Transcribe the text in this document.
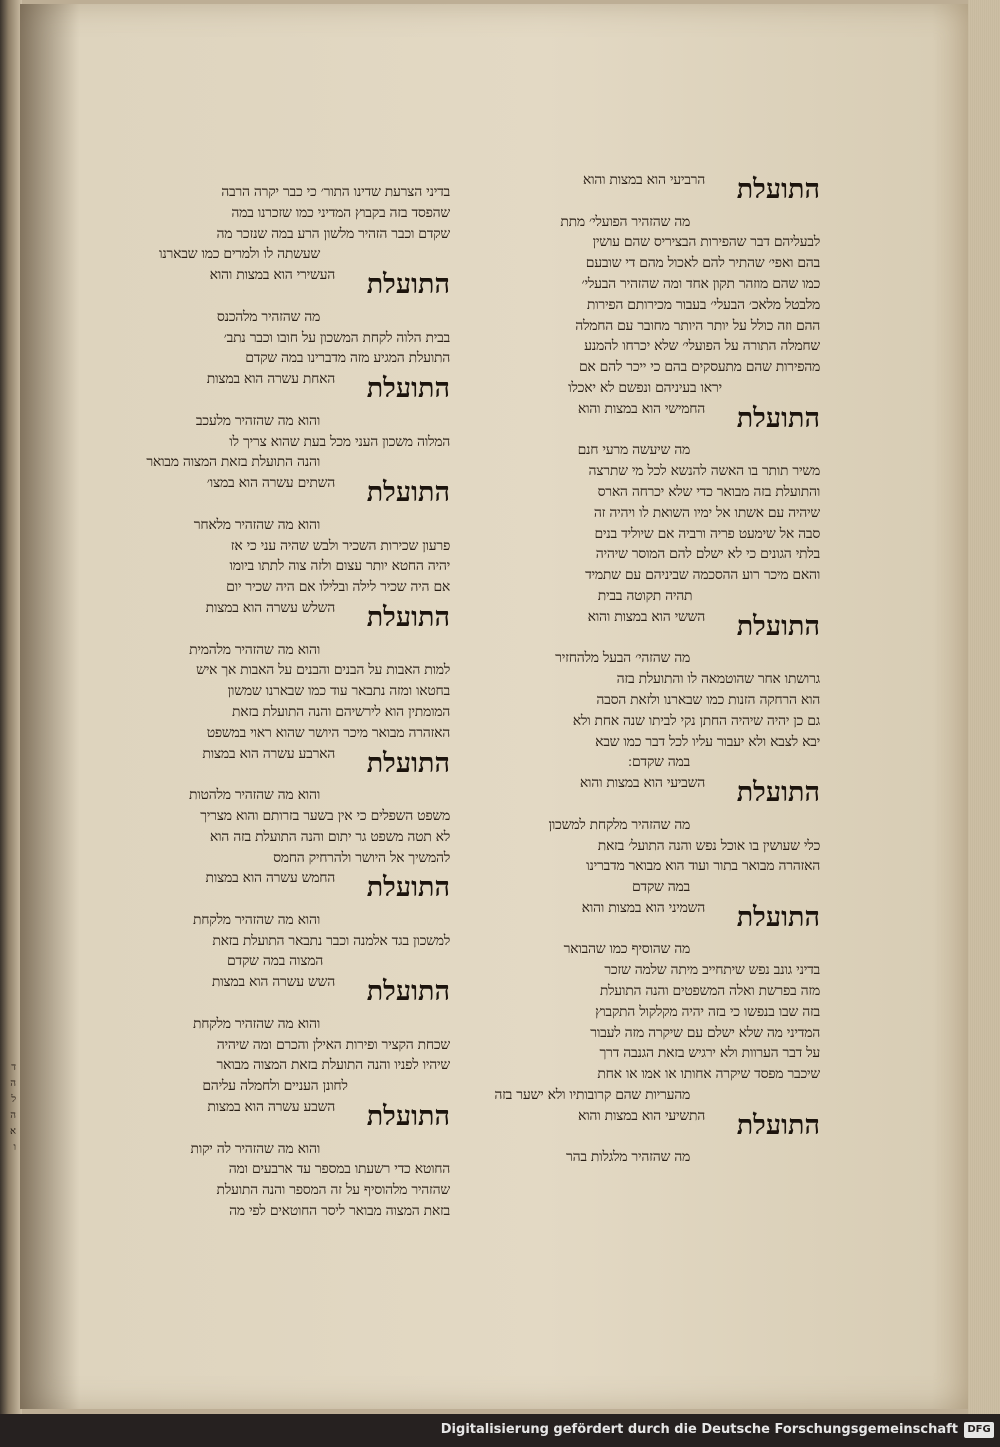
ד
ה
ל
ה
א
ו
התועלת
הרביעי הוא במצות והוא
מה שהזהיר הפועלי׳ מתת
לבעליהם דבר שהפירות הבציריס שהם עושין
בהם ואפי׳ שהתיר להם לאכול מהם די שובעם
כמו שהם מוזהר תקון אחד ומה שהזהיר הבעלי׳
מלבטל מלאכ׳ הבעלי׳ בעבור מכירותם הפירות
ההם וזה כולל על יותר היותר מחובר עם החמלה
שחמלה התורה על הפועלי׳ שלא יכרחו להמנע
מהפירות שהם מתעסקים בהם כי ייכר להם אם
יראו בעיניהם ונפשם לא יאכלו
התועלת
החמישי הוא במצות והוא
מה שיעשה מרעי חנם
משיר תותר בו האשה להנשא לכל מי שתרצה
והתועלת בזה מבואר כדי שלא יכרחה הארס
שיהיה עם אשתו אל ימיו השואת לו ויהיה זה
סבה אל שימעט פריה ורביה אם שיוליד בנים
בלתי הגונים כי לא ישלם להם המוסר שיהיה
והאם מיכר רוע ההסכמה שביניהם עם שתמיד
תהיה תקוטה בבית
התועלת
הששי הוא במצות והוא
מה שהזהי׳ הבעל מלהחזיר
גרושתו אחר שהוטמאה לו והתועלת בזה
הוא הרחקה הזנות כמו שבארנו ולזאת הסבה
גם כן יהיה שיהיה החתן נקי לביתו שנה אחת ולא
יבא לצבא ולא יעבור עליו לכל דבר כמו שבא
במה שקדם ׃
התועלת
השביעי הוא במצות והוא
מה שהזהיר מלקחת למשכון
כלי שעושין בו אוכל נפש והנה התועל׳ בזאת
האזהרה מבואר בתור ועוד הוא מבואר מדברינו
במה שקדם
התועלת
השמיני הוא במצות והוא
מה שהוסיף כמו שהבואר
בדיני גונב נפש שיתחייב מיתה שלמה שזכר
מזה בפרשת ואלה המשפטים והנה התועלת
בזה שבו בנפשו כי בזה יהיה מקלקול התקבוץ
המדיני מה שלא ישלם עם שיקרה מזה לעבור
על דבר הערוות ולא ירגיש בזאת הגנבה דרך
שיכבר מפסד שיקרה אחותו או אמו או אחת
מהעריות שהם קרובותיו ולא ישער בזה
התועלת
התשיעי הוא במצות והוא
מה שהזהיר מלגלות בהר
בדיני הצרעת שדינו התור׳ כי כבר יקרה הרבה
שהפסד בזה בקבוץ המדיני כמו שזכרנו במה
שקדם וכבר הזהיר מלשון הרע במה שנזכר מה
שעשתה לו ולמרים כמו שבארנו
התועלת
העשירי הוא במצות והוא
מה שהזהיר מלהכנס
בבית הלוה לקחת המשכון על חובו וכבר נתב׳
התועלת המגיע מזה מדברינו במה שקדם
התועלת
האחת עשרה הוא במצות
והוא מה שהזהיר מלעכב
המלוה משכון העני מכל בעת שהוא צריך לו
והנה התועלת בזאת המצוה מבואר
התועלת
השתים עשרה הוא במצו׳
והוא מה שהזהיר מלאחר
פרעון שכירות השכיר ולבש שהיה עני כי אז
יהיה החטא יותר עצום ולזה צוה לתתו ביומו
אם היה שכיר לילה ובלילו אם היה שכיר יום
התועלת
השלש עשרה הוא במצות
והוא מה שהזהיר מלהמית
למות האבות על הבנים והבנים על האבות אך איש
בחטאו ומזה נתבאר עוד כמו שבארנו שמשון
המומתין הוא לירשיהם והנה התועלת בזאת
האזהרה מבואר מיכר היושר שהוא ראוי במשפט
התועלת
הארבע עשרה הוא במצות
והוא מה שהזהיר מלהטות
משפט השפלים כי אין בשער בזרותם והוא מצריך
לא תטה משפט גר יתום והנה התועלת בזה הוא
להמשיך אל היושר ולהרחיק החמס
התועלת
החמש עשרה הוא במצות
והוא מה שהזהיר מלקחת
למשכון בגד אלמנה וכבר נתבאר התועלת בזאת
המצוה במה שקדם
התועלת
השש עשרה הוא במצות
והוא מה שהזהיר מלקחת
שכחת הקציר ופירות האילן והכרם ומה שיהיה
שיהיו לפניו והנה התועלת בזאת המצוה מבואר
לחונן העניים ולחמלה עליהם
התועלת
השבע עשרה הוא במצות
והוא מה שהזהיר לה יקות
החוטא כדי רשעתו במספר עד ארבעים ומה
שהזהיר מלהוסיף על זה המספר והנה התועלת
בזאת המצוה מבואר ליסר החוטאים לפי מה
Digitalisierung gefördert durch die Deutsche Forschungsgemeinschaft DFG
